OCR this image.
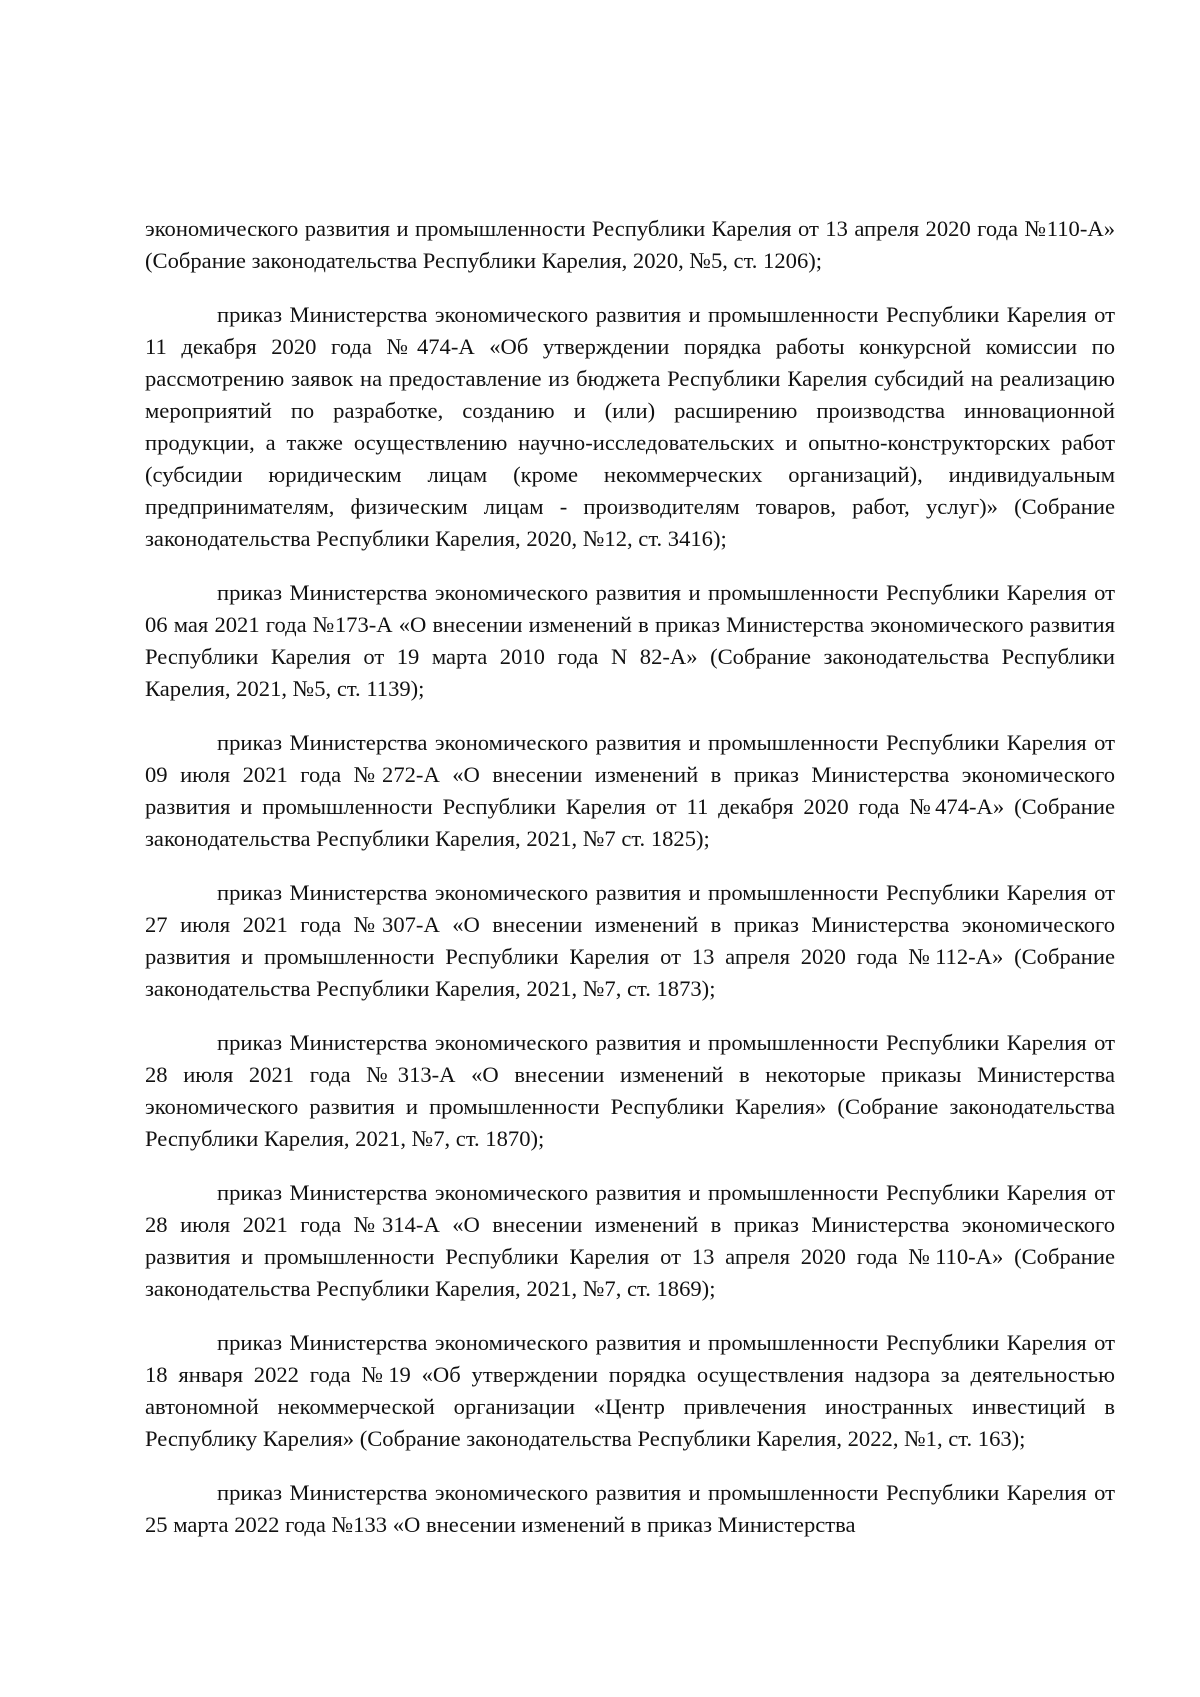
экономического развития и промышленности Республики Карелия от 13 апреля 2020 года №110-А» (Собрание законодательства Республики Карелия, 2020, №5, ст. 1206);

приказ Министерства экономического развития и промышленности Республики Карелия от 11 декабря 2020 года №474-А «Об утверждении порядка работы конкурсной комиссии по рассмотрению заявок на предоставление из бюджета Республики Карелия субсидий на реализацию мероприятий по разработке, созданию и (или) расширению производства инновационной продукции, а также осуществлению научно-исследовательских и опытно-конструкторских работ (субсидии юридическим лицам (кроме некоммерческих организаций), индивидуальным предпринимателям, физическим лицам - производителям товаров, работ, услуг)» (Собрание законодательства Республики Карелия, 2020, №12, ст. 3416);

приказ Министерства экономического развития и промышленности Республики Карелия от 06 мая 2021 года №173-А «О внесении изменений в приказ Министерства экономического развития Республики Карелия от 19 марта 2010 года N 82-А» (Собрание законодательства Республики Карелия, 2021, №5, ст. 1139);

приказ Министерства экономического развития и промышленности Республики Карелия от 09 июля 2021 года №272-А «О внесении изменений в приказ Министерства экономического развития и промышленности Республики Карелия от 11 декабря 2020 года №474-А» (Собрание законодательства Республики Карелия, 2021, №7 ст. 1825);

приказ Министерства экономического развития и промышленности Республики Карелия от 27 июля 2021 года №307-А «О внесении изменений в приказ Министерства экономического развития и промышленности Республики Карелия от 13 апреля 2020 года №112-А» (Собрание законодательства Республики Карелия, 2021, №7, ст. 1873);

приказ Министерства экономического развития и промышленности Республики Карелия от 28 июля 2021 года №313-А «О внесении изменений в некоторые приказы Министерства экономического развития и промышленности Республики Карелия» (Собрание законодательства Республики Карелия, 2021, №7, ст. 1870);

приказ Министерства экономического развития и промышленности Республики Карелия от 28 июля 2021 года №314-А «О внесении изменений в приказ Министерства экономического развития и промышленности Республики Карелия от 13 апреля 2020 года №110-А» (Собрание законодательства Республики Карелия, 2021, №7, ст. 1869);

приказ Министерства экономического развития и промышленности Республики Карелия от 18 января 2022 года №19 «Об утверждении порядка осуществления надзора за деятельностью автономной некоммерческой организации «Центр привлечения иностранных инвестиций в Республику Карелия» (Собрание законодательства Республики Карелия, 2022, №1, ст. 163);

приказ Министерства экономического развития и промышленности Республики Карелия от 25 марта 2022 года №133 «О внесении изменений в приказ Министерства
